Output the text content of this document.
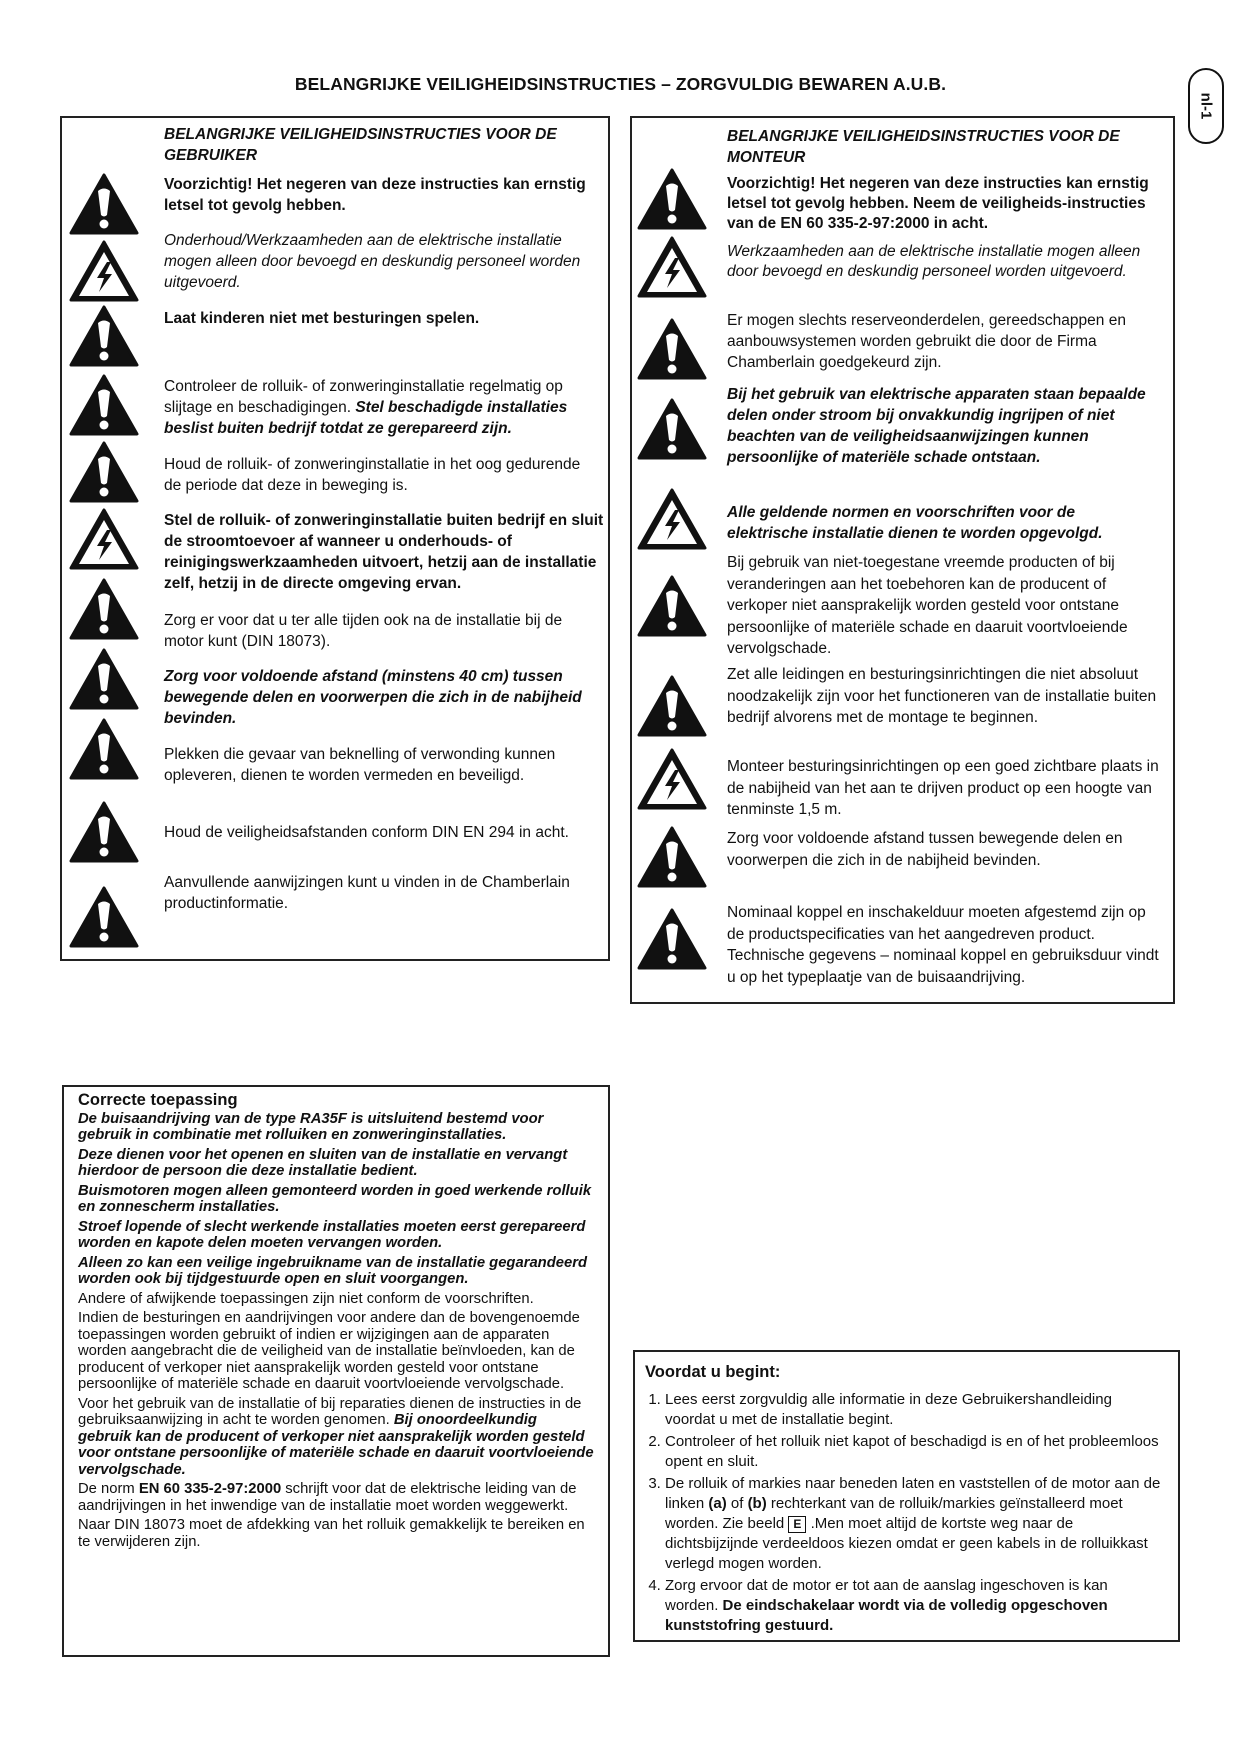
BELANGRIJKE VEILIGHEIDSINSTRUCTIES – ZORGVULDIG BEWAREN A.U.B.
nl-1
BELANGRIJKE VEILIGHEIDSINSTRUCTIES VOOR DE GEBRUIKER
Voorzichtig! Het negeren van deze instructies kan ernstig letsel tot gevolg hebben.
Onderhoud/Werkzaamheden aan de elektrische installatie mogen alleen door bevoegd en deskundig personeel worden uitgevoerd.
Laat kinderen niet met besturingen spelen.
Controleer de rolluik- of zonweringinstallatie regelmatig op slijtage en beschadigingen. Stel beschadigde installaties beslist buiten bedrijf totdat ze gerepareerd zijn.
Houd de rolluik- of zonweringinstallatie in het oog gedurende de periode dat deze in beweging is.
Stel de rolluik- of zonweringinstallatie buiten bedrijf en sluit de stroomtoevoer af wanneer u onderhouds- of reinigingswerkzaamheden uitvoert, hetzij aan de installatie zelf, hetzij in de directe omgeving ervan.
Zorg er voor dat u ter alle tijden ook na de installatie bij de motor kunt (DIN 18073).
Zorg voor voldoende afstand (minstens 40 cm) tussen bewegende delen en voorwerpen die zich in de nabijheid bevinden.
Plekken die gevaar van beknelling of verwonding kunnen opleveren, dienen te worden vermeden en beveiligd.
Houd de veiligheidsafstanden conform DIN EN 294 in acht.
Aanvullende aanwijzingen kunt u vinden in de Chamberlain productinformatie.
BELANGRIJKE VEILIGHEIDSINSTRUCTIES VOOR DE MONTEUR
Voorzichtig! Het negeren van deze instructies kan ernstig letsel tot gevolg hebben. Neem de veiligheids-instructies van de EN 60 335-2-97:2000 in acht.
Werkzaamheden aan de elektrische installatie mogen alleen door bevoegd en deskundig personeel worden uitgevoerd.
Er mogen slechts reserveonderdelen, gereedschappen en aanbouwsystemen worden gebruikt die door de Firma Chamberlain goedgekeurd zijn.
Bij het gebruik van elektrische apparaten staan bepaalde delen onder stroom bij onvakkundig ingrijpen of niet beachten van de veiligheidsaanwijzingen kunnen persoonlijke of materiële schade ontstaan.
Alle geldende normen en voorschriften voor de elektrische installatie dienen te worden opgevolgd.
Bij gebruik van niet-toegestane vreemde producten of bij veranderingen aan het toebehoren kan de producent of verkoper niet aansprakelijk worden gesteld voor ontstane persoonlijke of materiële schade en daaruit voortvloeiende vervolgschade.
Zet alle leidingen en besturingsinrichtingen die niet absoluut noodzakelijk zijn voor het functioneren van de installatie buiten bedrijf alvorens met de montage te beginnen.
Monteer besturingsinrichtingen op een goed zichtbare plaats in de nabijheid van het aan te drijven product op een hoogte van tenminste 1,5 m.
Zorg voor voldoende afstand tussen bewegende delen en voorwerpen die zich in de nabijheid bevinden.
Nominaal koppel en inschakelduur moeten afgestemd zijn op de productspecificaties van het aangedreven product. Technische gegevens – nominaal koppel en gebruiksduur vindt u op het typeplaatje van de buisaandrijving.
Correcte toepassing

De buisaandrijving van de type RA35F is uitsluitend bestemd voor gebruik in combinatie met rolluiken en zonweringinstallaties.

Deze dienen voor het openen en sluiten van de installatie en vervangt hierdoor de persoon die deze installatie bedient.

Buismotoren mogen alleen gemonteerd worden in goed werkende rolluik en zonnescherm installaties.

Stroef lopende of slecht werkende installaties moeten eerst gerepareerd worden en kapote delen moeten vervangen worden.

Alleen zo kan een veilige ingebruikname van de installatie gegarandeerd worden ook bij tijdgestuurde open en sluit voorgangen.

Andere of afwijkende toepassingen zijn niet conform de voorschriften.

Indien de besturingen en aandrijvingen voor andere dan de bovengenoemde toepassingen worden gebruikt of indien er wijzigingen aan de apparaten worden aangebracht die de veiligheid van de installatie beïnvloeden, kan de producent of verkoper niet aansprakelijk worden gesteld voor ontstane persoonlijke of materiële schade en daaruit voortvloeiende vervolgschade.

Voor het gebruik van de installatie of bij reparaties dienen de instructies in de gebruiksaanwijzing in acht te worden genomen. Bij onoordeelkundig gebruik kan de producent of verkoper niet aansprakelijk worden gesteld voor ontstane persoonlijke of materiële schade en daaruit voortvloeiende vervolgschade.

De norm EN 60 335-2-97:2000 schrijft voor dat de elektrische leiding van de aandrijvingen in het inwendige van de installatie moet worden weggewerkt.

Naar DIN 18073 moet de afdekking van het rolluik gemakkelijk te bereiken en te verwijderen zijn.

Voordat u begint:
1. Lees eerst zorgvuldig alle informatie in deze Gebruikershandleiding voordat u met de installatie begint.
2. Controleer of het rolluik niet kapot of beschadigd is en of het probleemloos opent en sluit.
3. De rolluik of markies naar beneden laten en vaststellen of de motor aan de linken (a) of (b) rechterkant van de rolluik/markies geïnstalleerd moet worden. Zie beeld E .Men moet altijd de kortste weg naar de dichtsbijzijnde verdeeldoos kiezen omdat er geen kabels in de rolluikkast verlegd mogen worden.
4. Zorg ervoor dat de motor er tot aan de aanslag ingeschoven is kan worden. De eindschakelaar wordt via de volledig opgeschoven kunststofring gestuurd.
